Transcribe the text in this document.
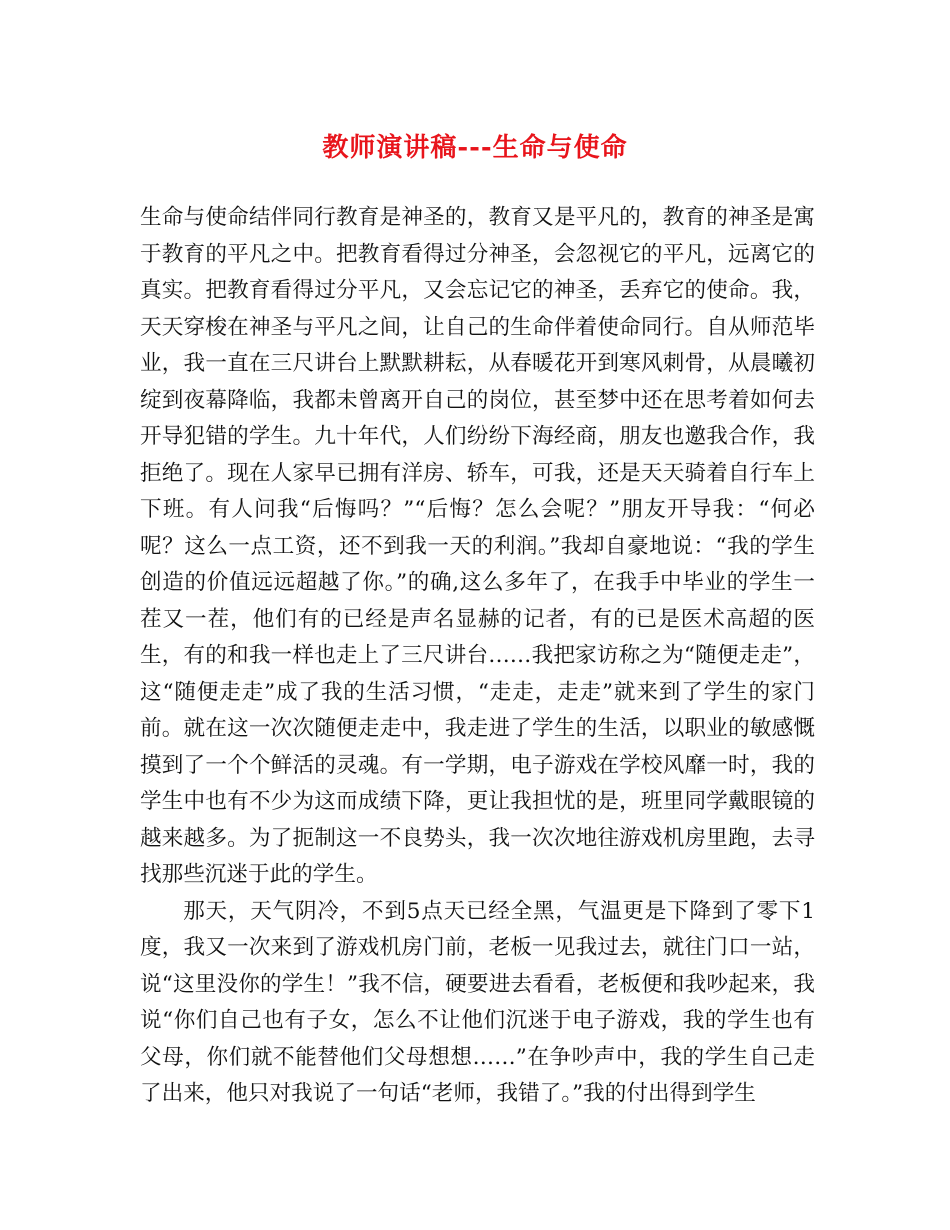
教师演讲稿---生命与使命

生命与使命结伴同行教育是神圣的，教育又是平凡的，教育的神圣是寓于教育的平凡之中。把教育看得过分神圣，会忽视它的平凡，远离它的真实。把教育看得过分平凡，又会忘记它的神圣，丢弃它的使命。我，天天穿梭在神圣与平凡之间，让自己的生命伴着使命同行。自从师范毕业，我一直在三尺讲台上默默耕耘，从春暖花开到寒风刺骨，从晨曦初绽到夜幕降临，我都未曾离开自己的岗位，甚至梦中还在思考着如何去开导犯错的学生。九十年代，人们纷纷下海经商，朋友也邀我合作，我拒绝了。现在人家早已拥有洋房、轿车，可我，还是天天骑着自行车上下班。有人问我“后悔吗？”“后悔？怎么会呢？”朋友开导我：“何必呢？这么一点工资，还不到我一天的利润。”我却自豪地说：“我的学生创造的价值远远超越了你。”的确,这么多年了，在我手中毕业的学生一茬又一茬，他们有的已经是声名显赫的记者，有的已是医术高超的医生，有的和我一样也走上了三尺讲台……我把家访称之为“随便走走”，这“随便走走”成了我的生活习惯，“走走，走走”就来到了学生的家门前。就在这一次次随便走走中，我走进了学生的生活，以职业的敏感慨摸到了一个个鲜活的灵魂。有一学期，电子游戏在学校风靡一时，我的学生中也有不少为这而成绩下降，更让我担忧的是，班里同学戴眼镜的越来越多。为了扼制这一不良势头，我一次次地往游戏机房里跑，去寻找那些沉迷于此的学生。

那天，天气阴冷，不到5点天已经全黑，气温更是下降到了零下1度，我又一次来到了游戏机房门前，老板一见我过去，就往门口一站，说“这里没你的学生！”我不信，硬要进去看看，老板便和我吵起来，我说“你们自己也有子女，怎么不让他们沉迷于电子游戏，我的学生也有父母，你们就不能替他们父母想想……”在争吵声中，我的学生自己走了出来，他只对我说了一句话“老师，我错了。”我的付出得到学生
